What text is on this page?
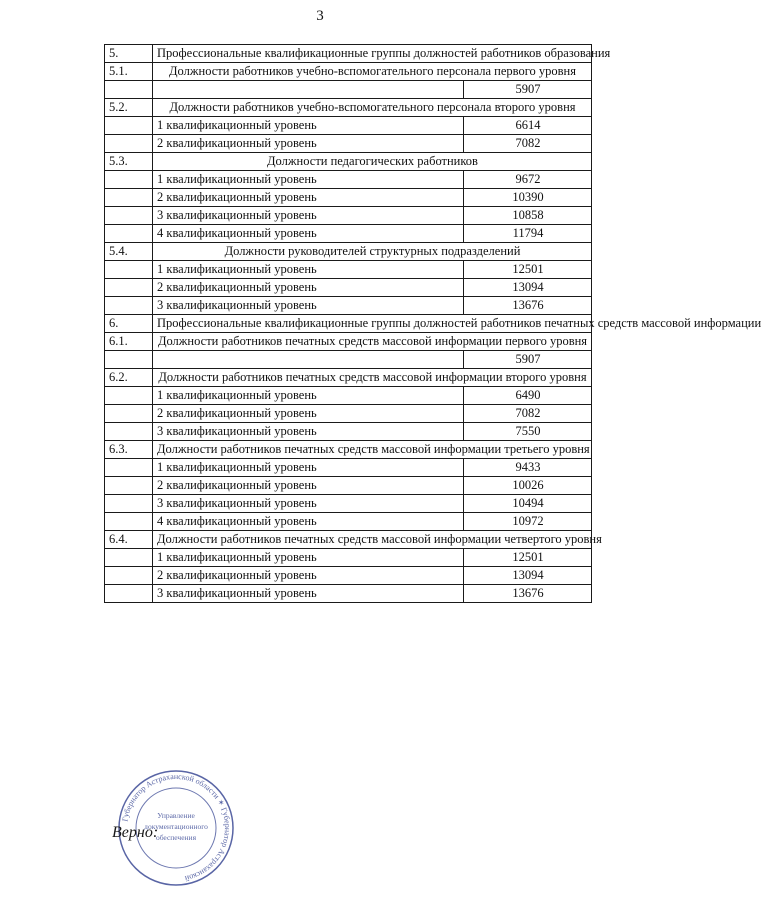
3
5.	Профессиональные квалификационные группы должностей работников образования	
5.1.	Должности работников учебно-вспомогательного персонала первого уровня	
		5907
5.2.	Должности работников учебно-вспомогательного персонала второго уровня	
	1 квалификационный уровень	6614
	2 квалификационный уровень	7082
5.3.	Должности педагогических работников	
	1 квалификационный уровень	9672
	2 квалификационный уровень	10390
	3 квалификационный уровень	10858
	4 квалификационный уровень	11794
5.4.	Должности руководителей структурных подразделений	
	1 квалификационный уровень	12501
	2 квалификационный уровень	13094
	3 квалификационный уровень	13676
6.	Профессиональные квалификационные группы должностей работников печатных средств массовой информации	
6.1.	Должности работников печатных средств массовой информации первого уровня	
		5907
6.2.	Должности работников печатных средств массовой информации второго уровня	
	1 квалификационный уровень	6490
	2 квалификационный уровень	7082
	3 квалификационный уровень	7550
6.3.	Должности работников печатных средств массовой информации третьего уровня	
	1 квалификационный уровень	9433
	2 квалификационный уровень	10026
	3 квалификационный уровень	10494
	4 квалификационный уровень	10972
6.4.	Должности работников печатных средств массовой информации четвертого уровня	
	1 квалификационный уровень	12501
	2 квалификационный уровень	13094
	3 квалификационный уровень	13676
Губернатор Астраханской области ✶ Губернатор Астраханской
Управление
документационного
обеспечения
Верно:
